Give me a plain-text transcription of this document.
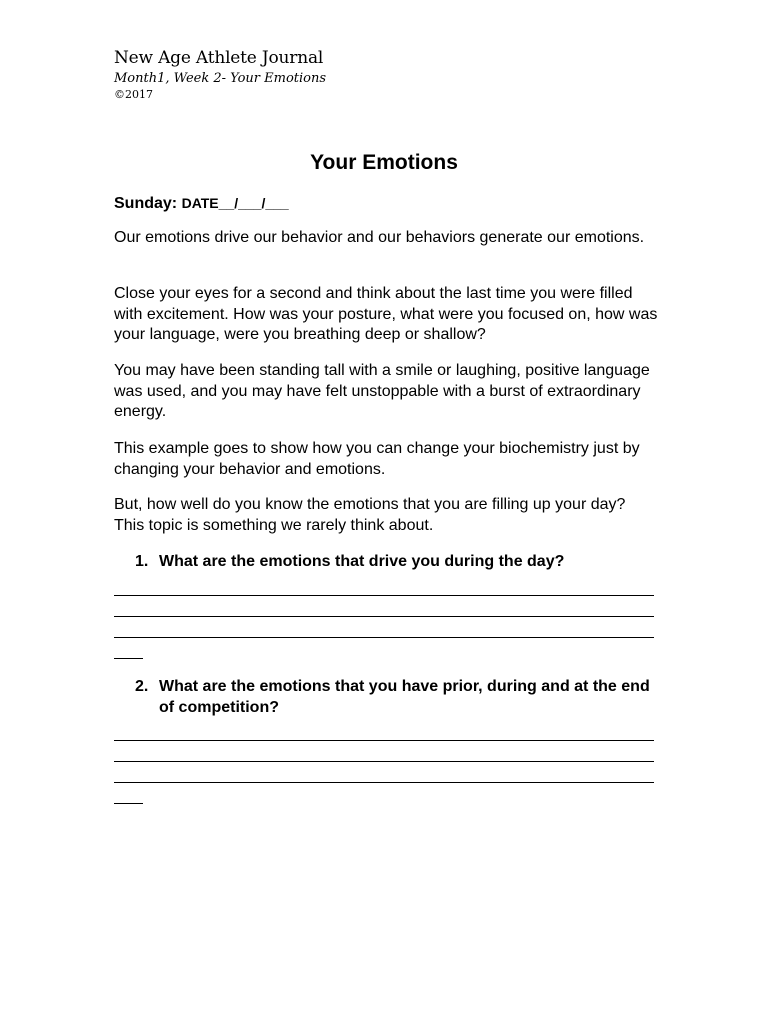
New Age Athlete Journal
Month1, Week 2- Your Emotions
©2017
Your Emotions
Sunday: DATE__/___/___
Our emotions drive our behavior and our behaviors generate our emotions.
Close your eyes for a second and think about the last time you were filled with excitement. How was your posture, what were you focused on, how was your language, were you breathing deep or shallow?
You may have been standing tall with a smile or laughing, positive language was used, and you may have felt unstoppable with a burst of extraordinary energy.
This example goes to show how you can change your biochemistry just by changing your behavior and emotions.
But, how well do you know the emotions that you are filling up your day? This topic is something we rarely think about.
1. What are the emotions that drive you during the day?
2. What are the emotions that you have prior, during and at the end of competition?
